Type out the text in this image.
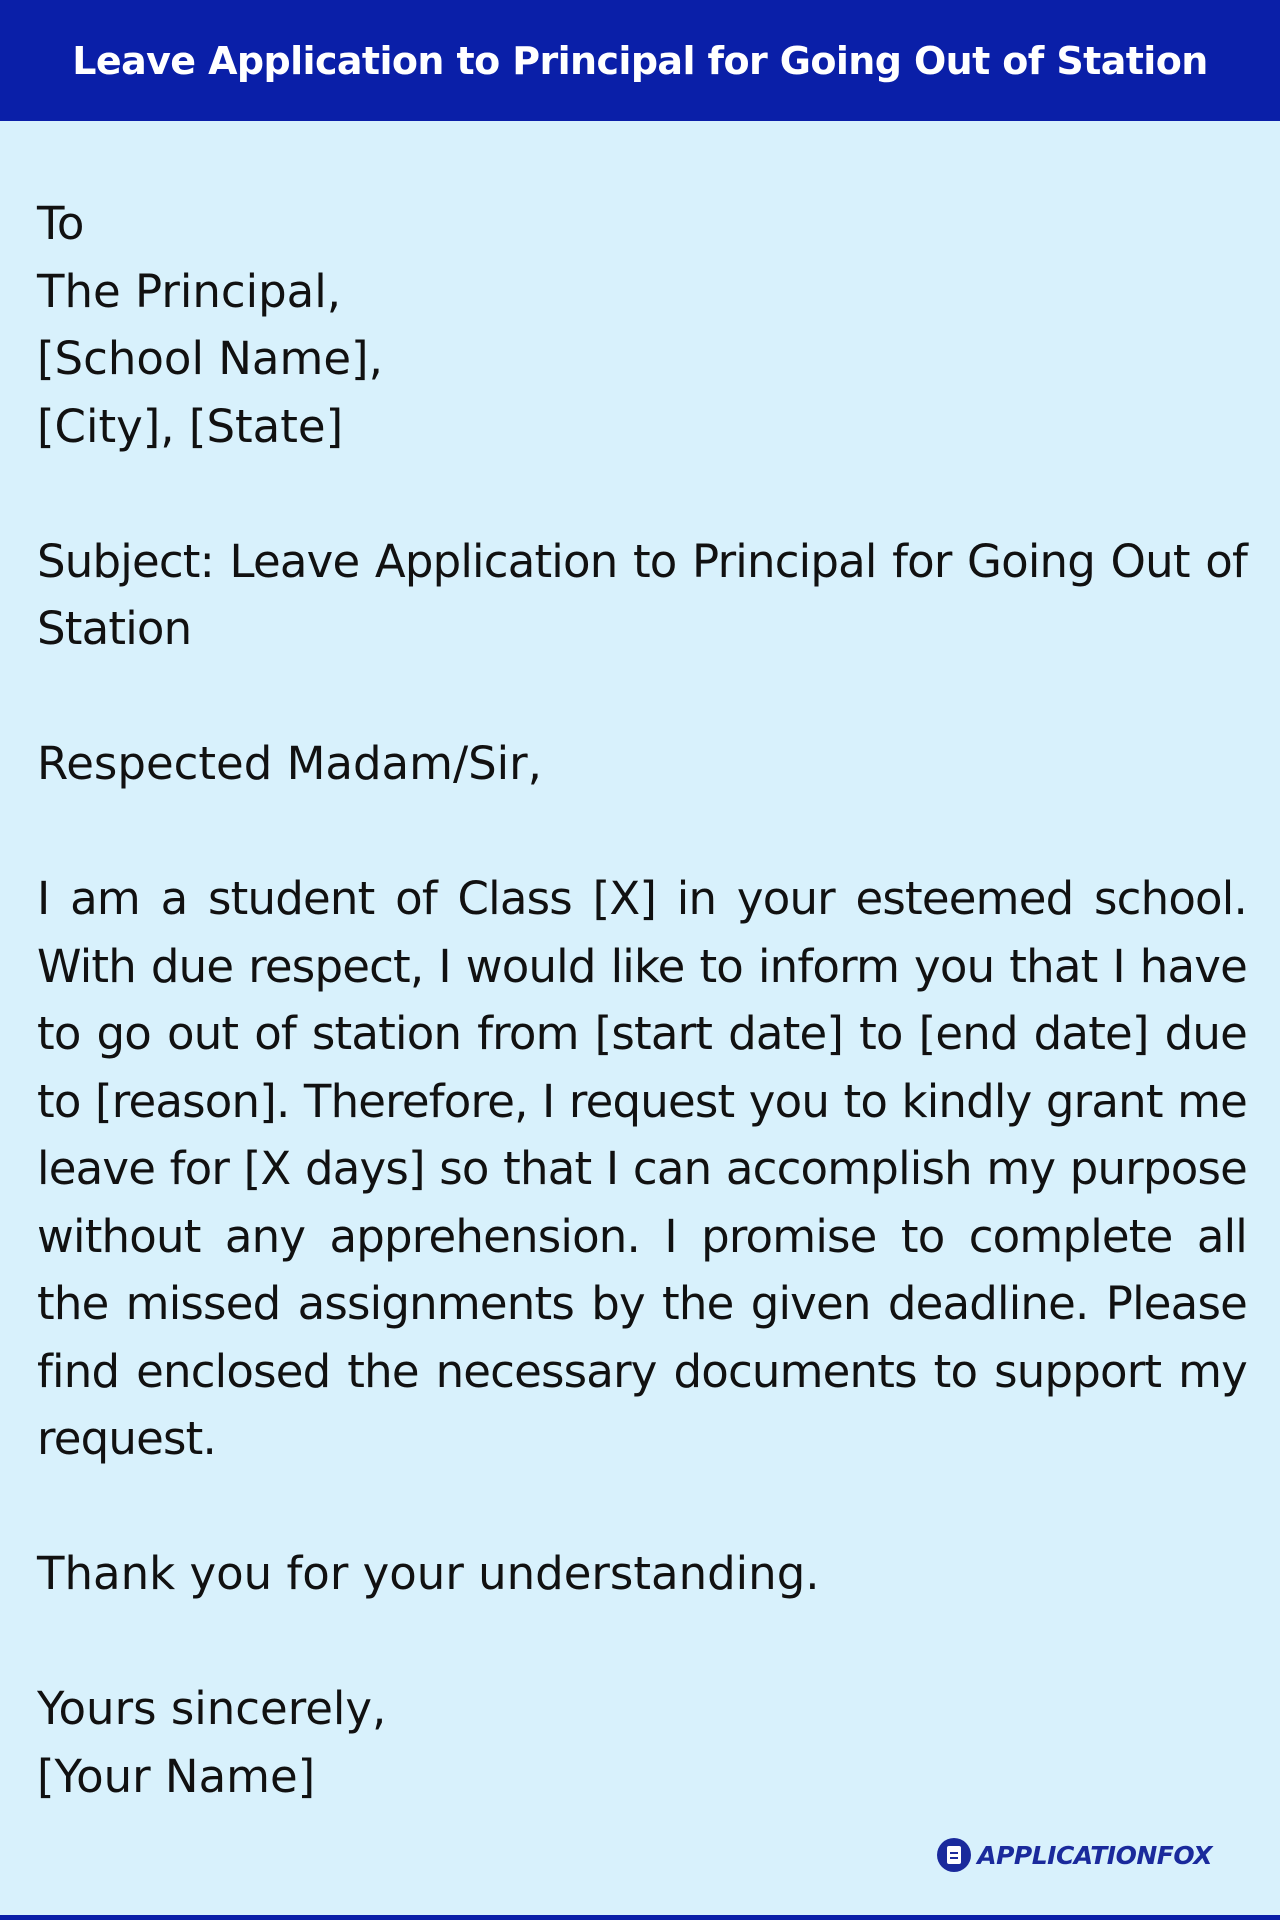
Leave Application to Principal for Going Out of Station

To

The Principal,

[School Name],

[City], [State]

Subject: Leave Application to Principal for Going Out of Station

Respected Madam/Sir,

I am a student of Class [X] in your esteemed school. With due respect, I would like to inform you that I have to go out of station from [start date] to [end date] due to [reason]. Therefore, I request you to kindly grant me leave for [X days] so that I can accomplish my purpose without any apprehension. I promise to complete all the missed assignments by the given deadline. Please find enclosed the necessary documents to support my request.

Thank you for your understanding.

Yours sincerely,

[Your Name]

APPLICATIONFOX
